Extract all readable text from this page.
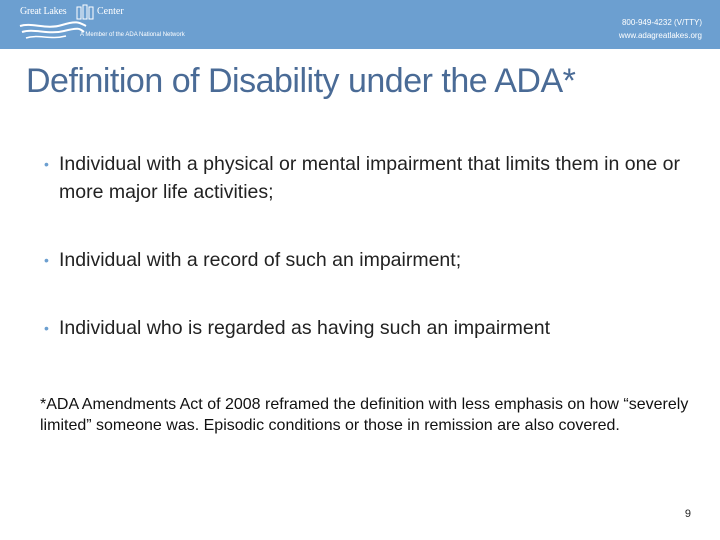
Great Lakes	Center
A Member of the ADA National Network
800-949-4232 (V/TTY)
www.adagreatlakes.org
Definition of Disability under the ADA*
• Individual with a physical or mental impairment that limits them in one or more major life activities;
• Individual with a record of such an impairment;
• Individual who is regarded as having such an impairment
*ADA Amendments Act of 2008 reframed the definition with less emphasis on how “severely limited” someone was. Episodic conditions or those in remission are also covered.
9
